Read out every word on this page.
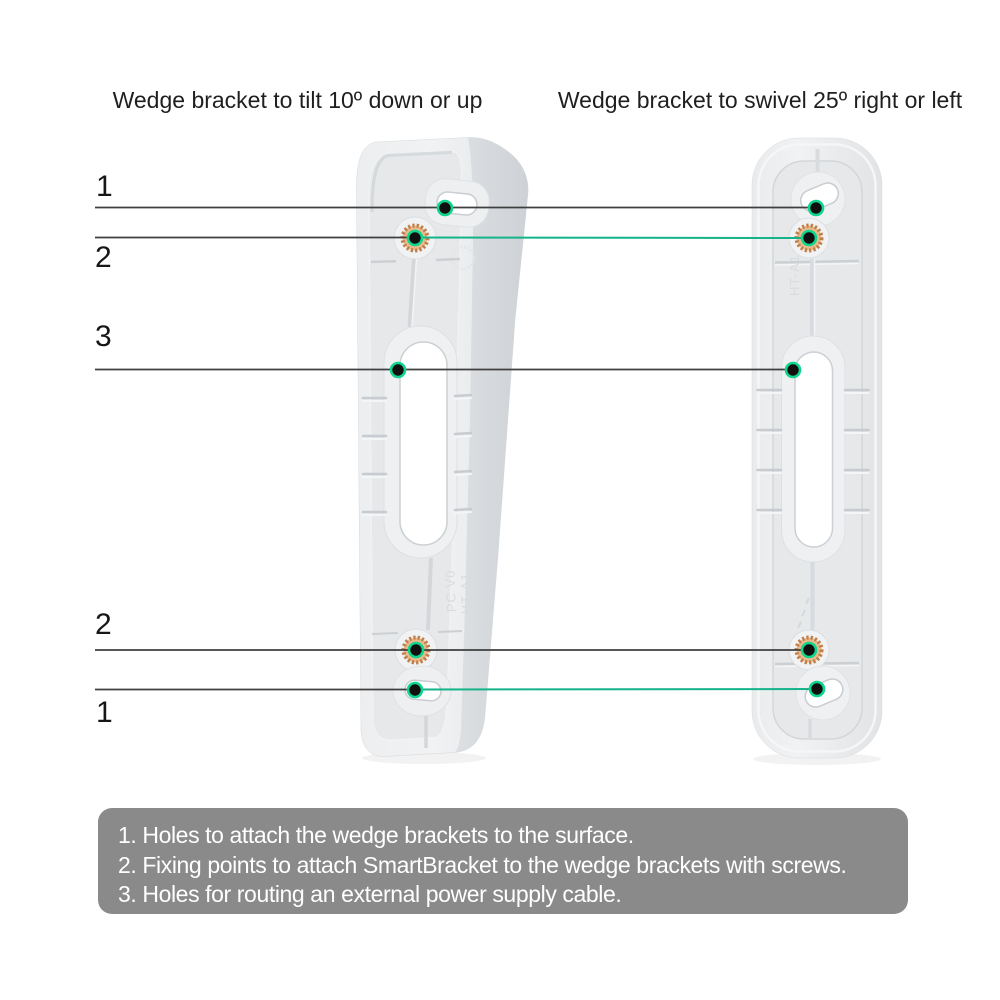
Wedge bracket to tilt 10º down or up	Wedge bracket to swivel 25º right or left
HT-A1
PC V0
HT-A1
1
2
3
2
1
1. Holes to attach the wedge brackets to the surface.
2. Fixing points to attach SmartBracket to the wedge brackets with screws.
3. Holes for routing an external power supply cable.
